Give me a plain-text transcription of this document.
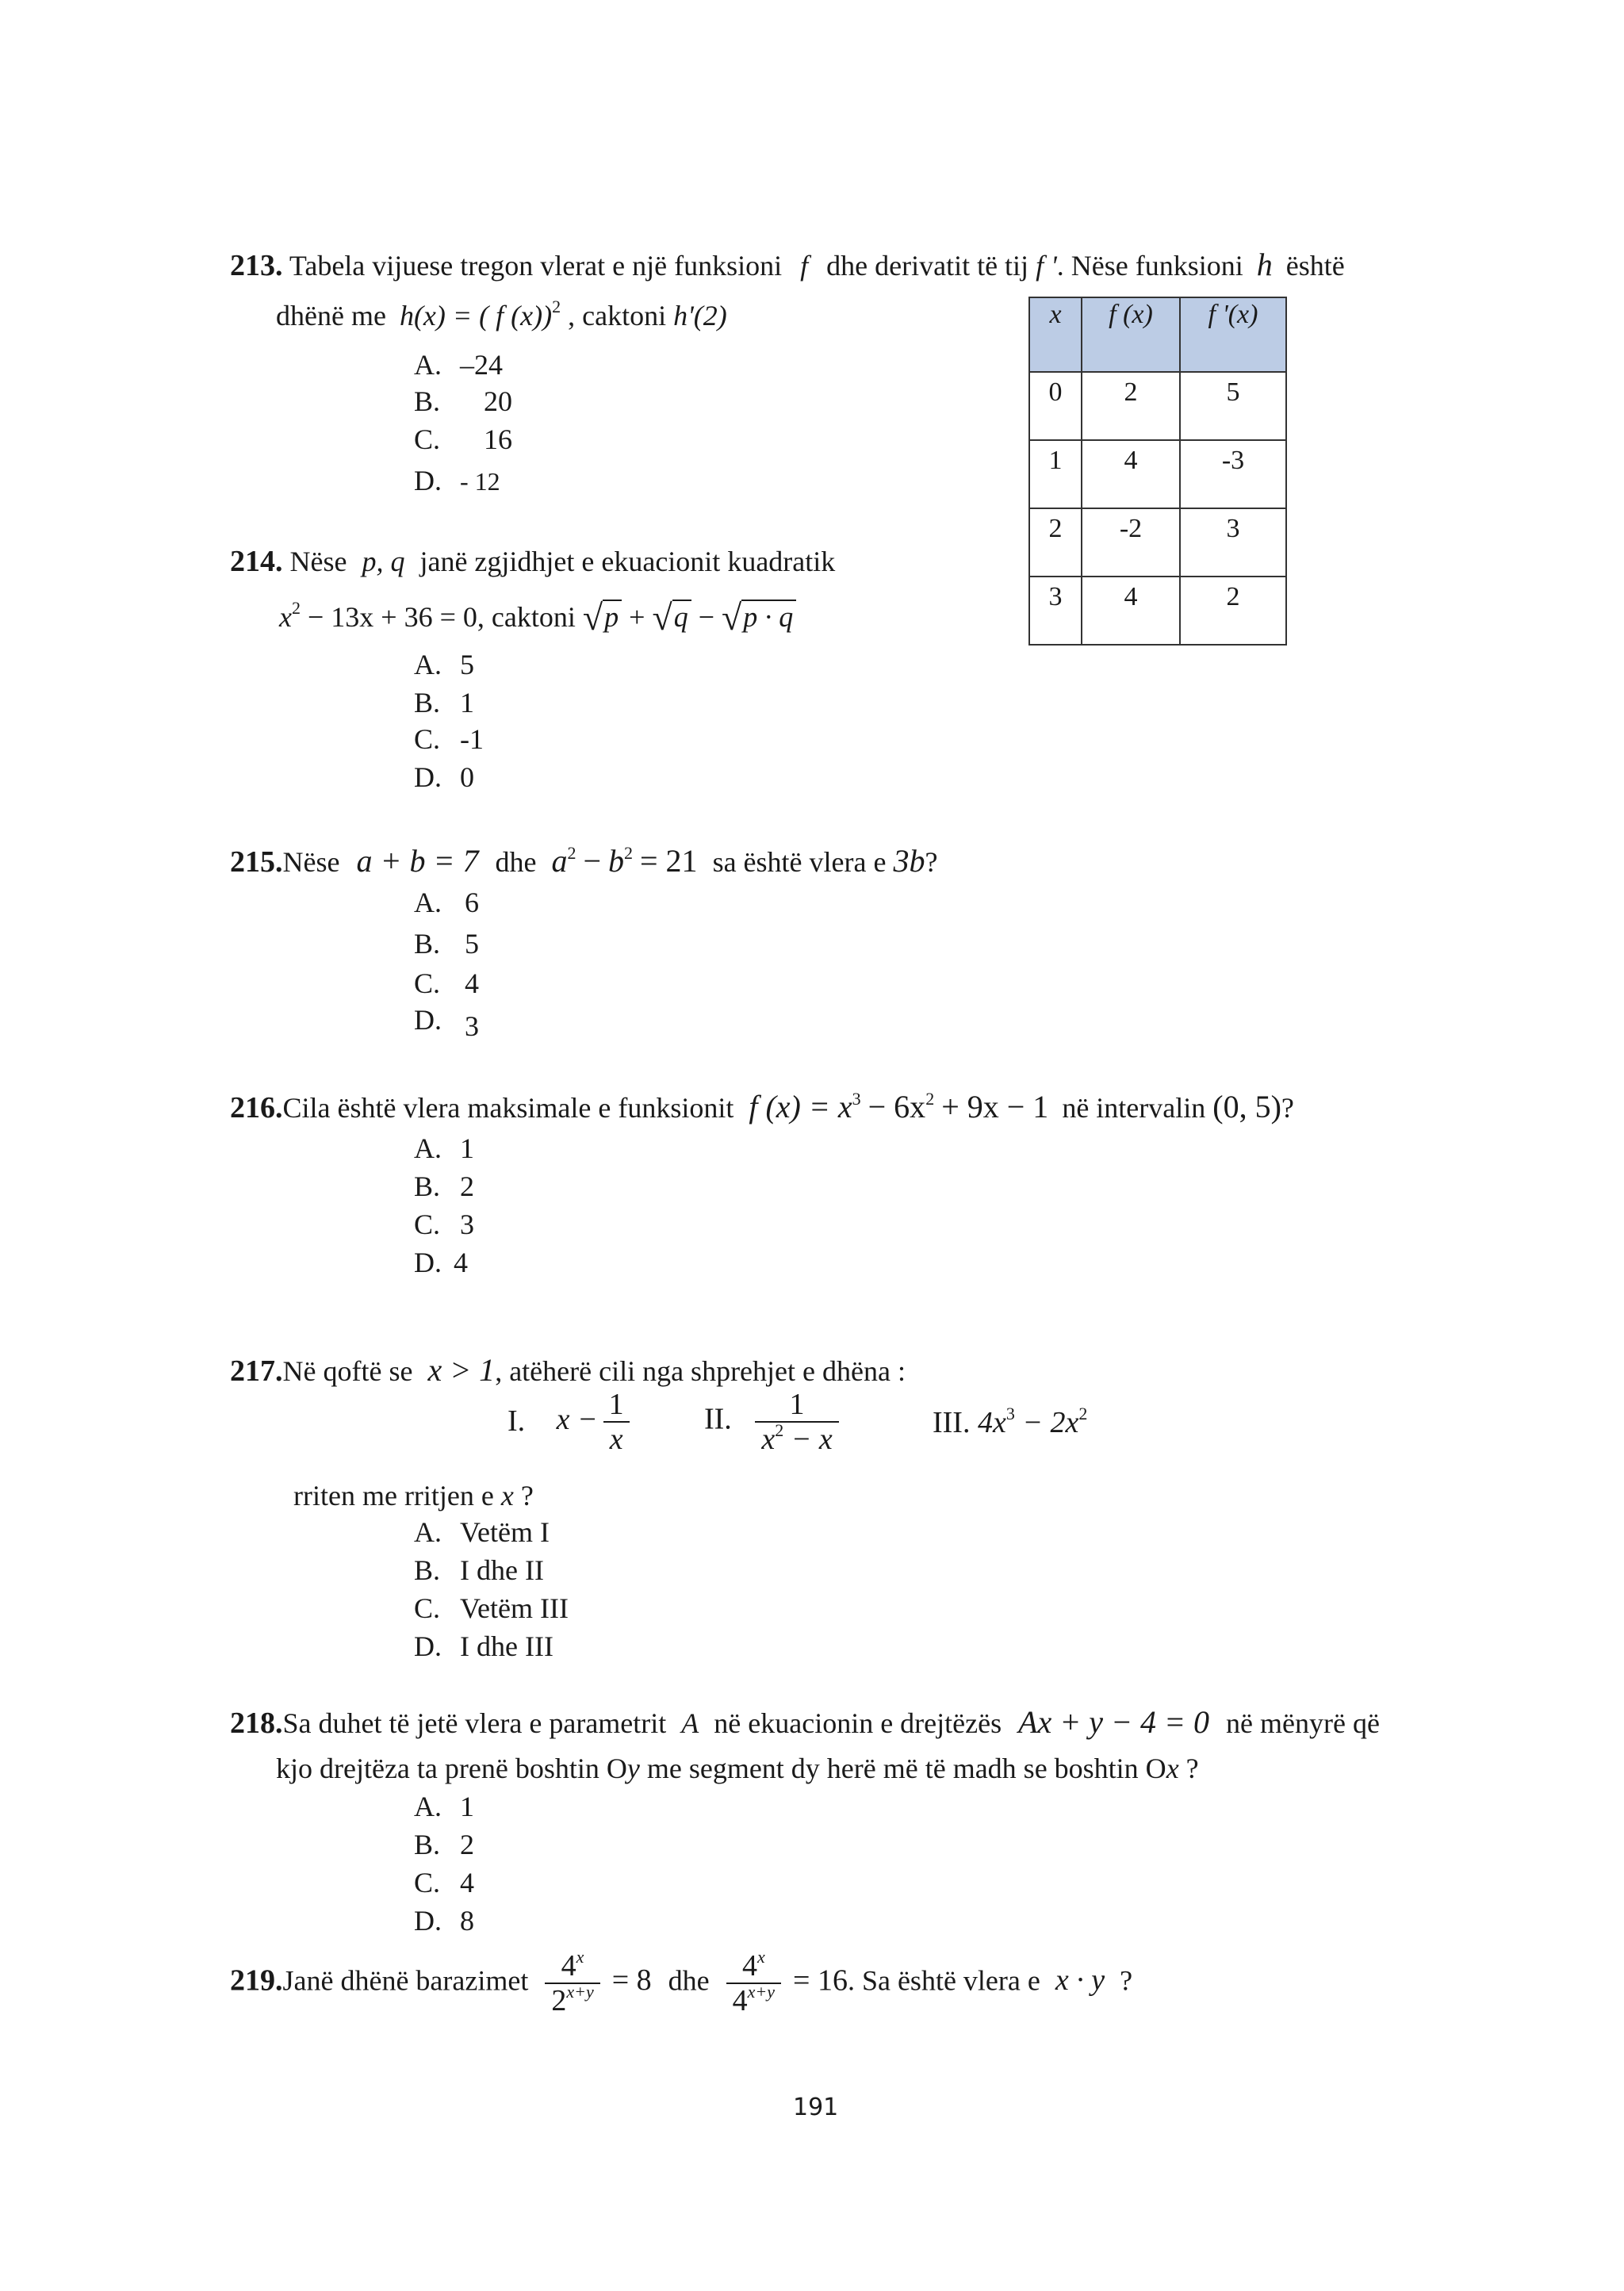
213. Tabela vijuese tregon vlerat e një funksioni f dhe derivatit të tij f '. Nëse funksioni h është
dhënë me h(x) = ( f (x))$^2$ , caktoni h'(2)
A. –24
B. 20
C. 16
D. - 12
x	f (x)	f '(x)
0	2	5
1	4	-3
2	-2	3
3	4	2
214. Nëse p, q janë zgjidhjet e ekuacionit kuadratik
$x^2 - 13x + 36 = 0$, caktoni √p + √q − √p · q
A. 5
B. 1
C. -1
D. 0
215.Nëse a + b = 7 dhe $a^2 - b^2 = 21$ sa është vlera e 3b?
A. 6
B. 5
C. 4
D. 3
216.Cila është vlera maksimale e funksionit f $(x) = x^3 - 6x^2 + 9x - 1$ në intervalin (0, 5)?
A. 1
B. 2
C. 3
D. 4
217.Në qoftë se x > 1, atëherë cili nga shprehjet e dhëna :
I. $x - \frac{1}{x}$ II. $\frac{1}{x^2 - x}$	III. $4x^3 - 2x^2$
rriten me rritjen e x ?
A. Vetëm I
B. I dhe II
C. Vetëm III
D. I dhe III
218.Sa duhet të jetë vlera e parametrit A në ekuacionin e drejtëzës Ax + y − 4 = 0 në mënyrë që
kjo drejtëza ta prenë boshtin Oy me segment dy herë më të madh se boshtin Ox ?
A. 1
B. 2
C. 4
D. 8
219.Janë dhënë barazimet $\frac{4^x}{2^{x+y}} = 8$ dhe $\frac{4^x}{4^{x+y}} = 16$. Sa është vlera e x · y ?
191
